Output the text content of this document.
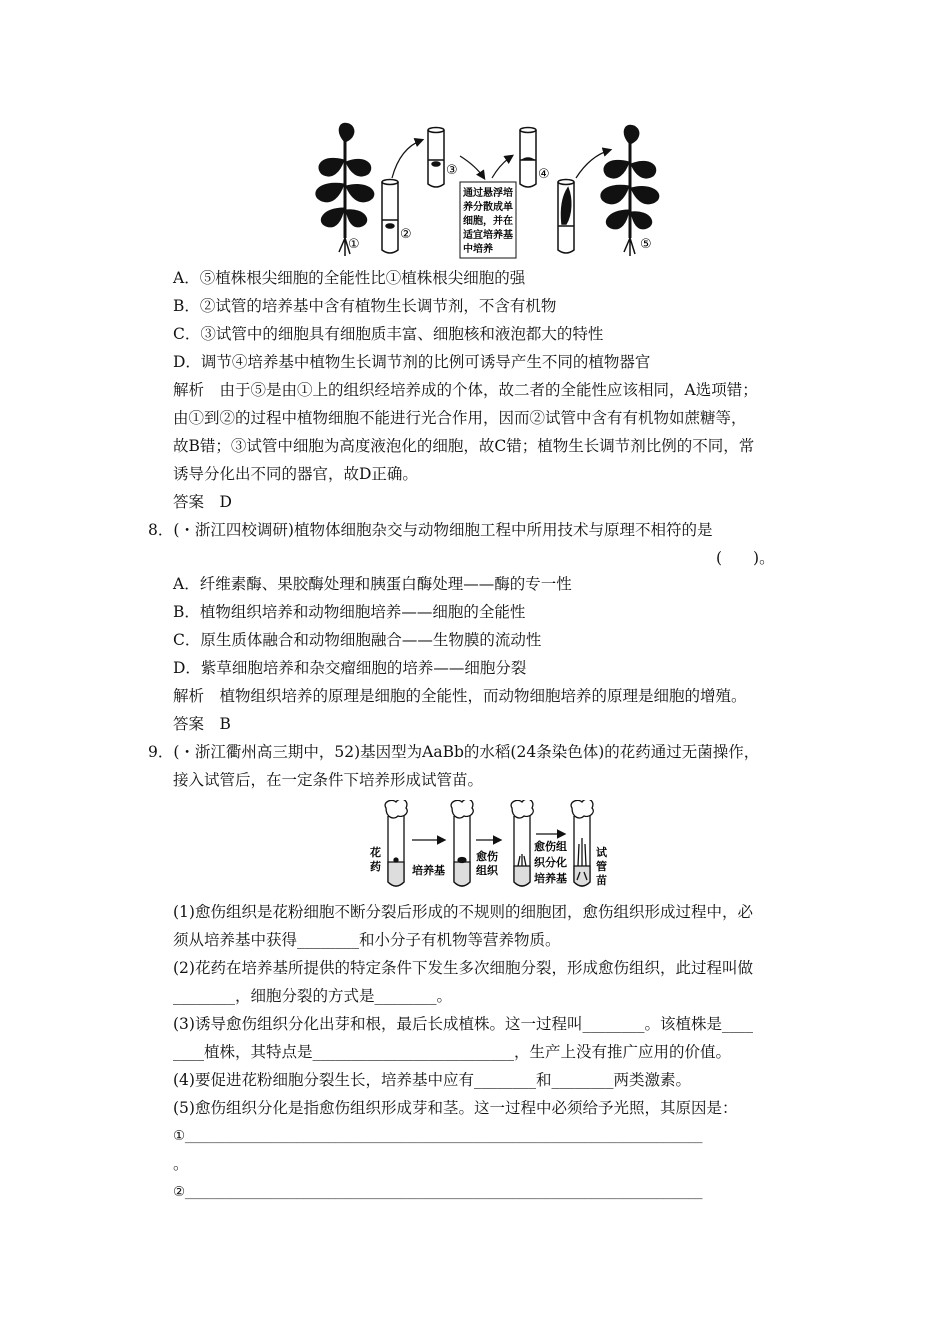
①
②
③
通过悬浮培
养分散成单
细胞，并在
适宜培养基
中培养
④
⑤
A．⑤植株根尖细胞的全能性比①植株根尖细胞的强
B．②试管的培养基中含有植物生长调节剂，不含有机物
C．③试管中的细胞具有细胞质丰富、细胞核和液泡都大的特性
D．调节④培养基中植物生长调节剂的比例可诱导产生不同的植物器官
解析　由于⑤是由①上的组织经培养成的个体，故二者的全能性应该相同，A选项错；
由①到②的过程中植物细胞不能进行光合作用，因而②试管中含有有机物如蔗糖等，
故B错；③试管中细胞为高度液泡化的细胞，故C错；植物生长调节剂比例的不同，常
诱导分化出不同的器官，故D正确。
答案　D
8．(・浙江四校调研)植物体细胞杂交与动物细胞工程中所用技术与原理不相符的是
(　　)。
A．纤维素酶、果胶酶处理和胰蛋白酶处理——酶的专一性
B．植物组织培养和动物细胞培养——细胞的全能性
C．原生质体融合和动物细胞融合——生物膜的流动性
D．紫草细胞培养和杂交瘤细胞的培养——细胞分裂
解析　植物组织培养的原理是细胞的全能性，而动物细胞培养的原理是细胞的增殖。
答案　B
9．(・浙江衢州高三期中，52)基因型为AaBb的水稻(24条染色体)的花药通过无菌操作，
接入试管后，在一定条件下培养形成试管苗。
花
药	培养基
愈伤
组织
愈伤组
织分化
培养基
试
管
苗
(1)愈伤组织是花粉细胞不断分裂后形成的不规则的细胞团，愈伤组织形成过程中，必
须从培养基中获得________和小分子有机物等营养物质。
(2)花药在培养基所提供的特定条件下发生多次细胞分裂，形成愈伤组织，此过程叫做
________，细胞分裂的方式是________。
(3)诱导愈伤组织分化出芽和根，最后长成植株。这一过程叫________。该植株是____
____植株，其特点是__________________________，生产上没有推广应用的价值。
(4)要促进花粉细胞分裂生长，培养基中应有________和________两类激素。
(5)愈伤组织分化是指愈伤组织形成芽和茎。这一过程中必须给予光照，其原因是：
①_______________________________________________________________________________
。
②_______________________________________________________________________________
